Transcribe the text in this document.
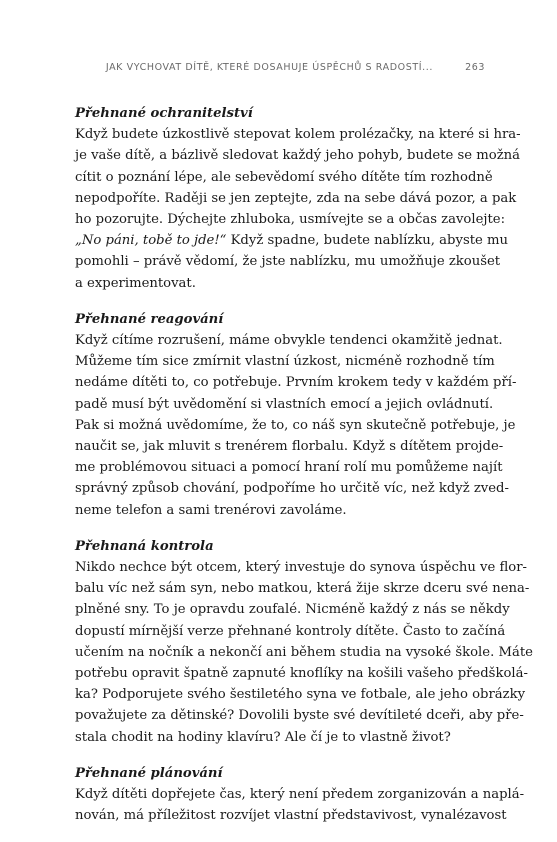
JAK VYCHOVAT DÍTĚ, KTERÉ DOSAHUJE ÚSPĚCHŮ S RADOSTÍ...	263
Přehnané ochranitelství
Když budete úzkostlivě stepovat kolem prolézačky, na které si hra-
je vaše dítě, a bázlivě sledovat každý jeho pohyb, budete se možná
cítit o poznání lépe, ale sebevědomí svého dítěte tím rozhodně
nepodpoříte. Raději se jen zeptejte, zda na sebe dává pozor, a pak
ho pozorujte. Dýchejte zhluboka, usmívejte se a občas zavolejte:
„No páni, tobě to jde!“ Když spadne, budete nablízku, abyste mu
pomohli – právě vědomí, že jste nablízku, mu umožňuje zkoušet
a experimentovat.
Přehnané reagování
Když cítíme rozrušení, máme obvykle tendenci okamžitě jednat.
Můžeme tím sice zmírnit vlastní úzkost, nicméně rozhodně tím
nedáme dítěti to, co potřebuje. Prvním krokem tedy v každém pří-
padě musí být uvědomění si vlastních emocí a jejich ovládnutí.
Pak si možná uvědomíme, že to, co náš syn skutečně potřebuje, je
naučit se, jak mluvit s trenérem florbalu. Když s dítětem projde-
me problémovou situaci a pomocí hraní rolí mu pomůžeme najít
správný způsob chování, podpoříme ho určitě víc, než když zved-
neme telefon a sami trenérovi zavoláme.
Přehnaná kontrola
Nikdo nechce být otcem, který investuje do synova úspěchu ve flor-
balu víc než sám syn, nebo matkou, která žije skrze dceru své nena-
plněné sny. To je opravdu zoufalé. Nicméně každý z nás se někdy
dopustí mírnější verze přehnané kontroly dítěte. Často to začíná
učením na nočník a nekončí ani během studia na vysoké škole. Máte
potřebu opravit špatně zapnuté knoflíky na košili vašeho předškolá-
ka? Podporujete svého šestiletého syna ve fotbale, ale jeho obrázky
považujete za dětinské? Dovolili byste své devítileté dceři, aby pře-
stala chodit na hodiny klavíru? Ale čí je to vlastně život?
Přehnané plánování
Když dítěti dopřejete čas, který není předem zorganizován a naplá-
nován, má příležitost rozvíjet vlastní představivost, vynalézavost
